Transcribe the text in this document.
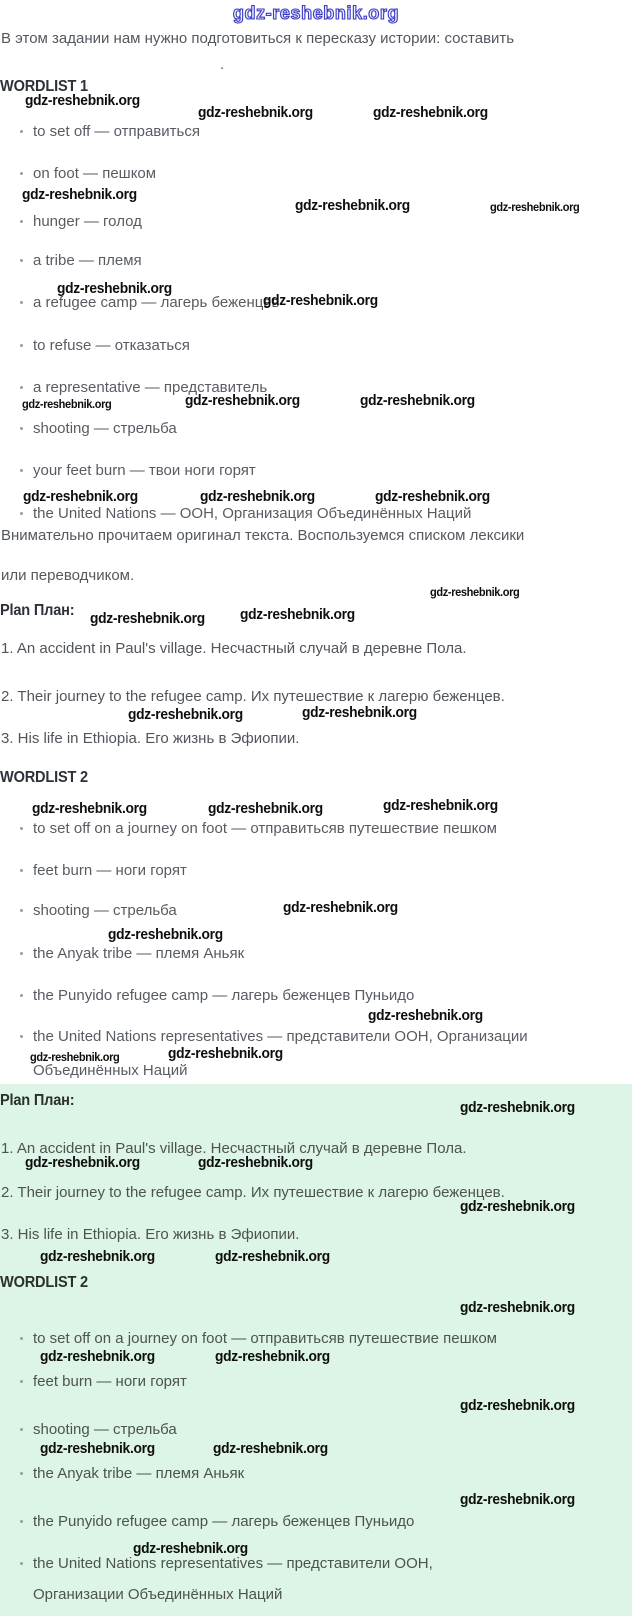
gdz-reshebnik.org
В этом задании нам нужно подготовиться к пересказу истории: составить
.
WORDLIST 1
gdz-reshebnik.org
gdz-reshebnik.org	gdz-reshebnik.org
to set off — отправиться
on foot — пешком
gdz-reshebnik.org
gdz-reshebnik.org	gdz-reshebnik.org
hunger — голод
a tribe — племя
gdz-reshebnik.org
a refugee camp — лагерь беженцев
gdz-reshebnik.org
to refuse — отказаться
a representative — представитель
gdz-reshebnik.org	gdz-reshebnik.org	gdz-reshebnik.org
shooting — стрельба
your feet burn — твои ноги горят
gdz-reshebnik.org	gdz-reshebnik.org	gdz-reshebnik.org
the United Nations — ООН, Организация Объединённых Наций
Внимательно прочитаем оригинал текста. Воспользуемся списком лексики
или переводчиком.
gdz-reshebnik.org
Plan План: gdz-reshebnik.org gdz-reshebnik.org
1. An accident in Paul's village. Несчастный случай в деревне Пола.
2. Their journey to the refugee camp. Их путешествие к лагерю беженцев.
gdz-reshebnik.org	gdz-reshebnik.org
3. His life in Ethiopia. Его жизнь в Эфиопии.
WORDLIST 2
gdz-reshebnik.org	gdz-reshebnik.org	gdz-reshebnik.org
to set off on a journey on foot — отправитьсяв путешествие пешком
feet burn — ноги горят
shooting — стрельба	gdz-reshebnik.org
gdz-reshebnik.org
the Anyak tribe — племя Аньяк
the Punyido refugee camp — лагерь беженцев Пуньидо
gdz-reshebnik.org
the United Nations representatives — представители ООН, Организации
gdz-reshebnik.org	gdz-reshebnik.org
Объединённых Наций
Plan План:	gdz-reshebnik.org
1. An accident in Paul's village. Несчастный случай в деревне Пола.
gdz-reshebnik.org	gdz-reshebnik.org
2. Their journey to the refugee camp. Их путешествие к лагерю беженцев.
gdz-reshebnik.org
3. His life in Ethiopia. Его жизнь в Эфиопии.
gdz-reshebnik.org	gdz-reshebnik.org
WORDLIST 2
gdz-reshebnik.org
to set off on a journey on foot — отправитьсяв путешествие пешком
gdz-reshebnik.org	gdz-reshebnik.org
feet burn — ноги горят
gdz-reshebnik.org
shooting — стрельба
gdz-reshebnik.org	gdz-reshebnik.org
the Anyak tribe — племя Аньяк
gdz-reshebnik.org
the Punyido refugee camp — лагерь беженцев Пуньидо
gdz-reshebnik.org
the United Nations representatives — представители ООН,
Организации Объединённых Наций
